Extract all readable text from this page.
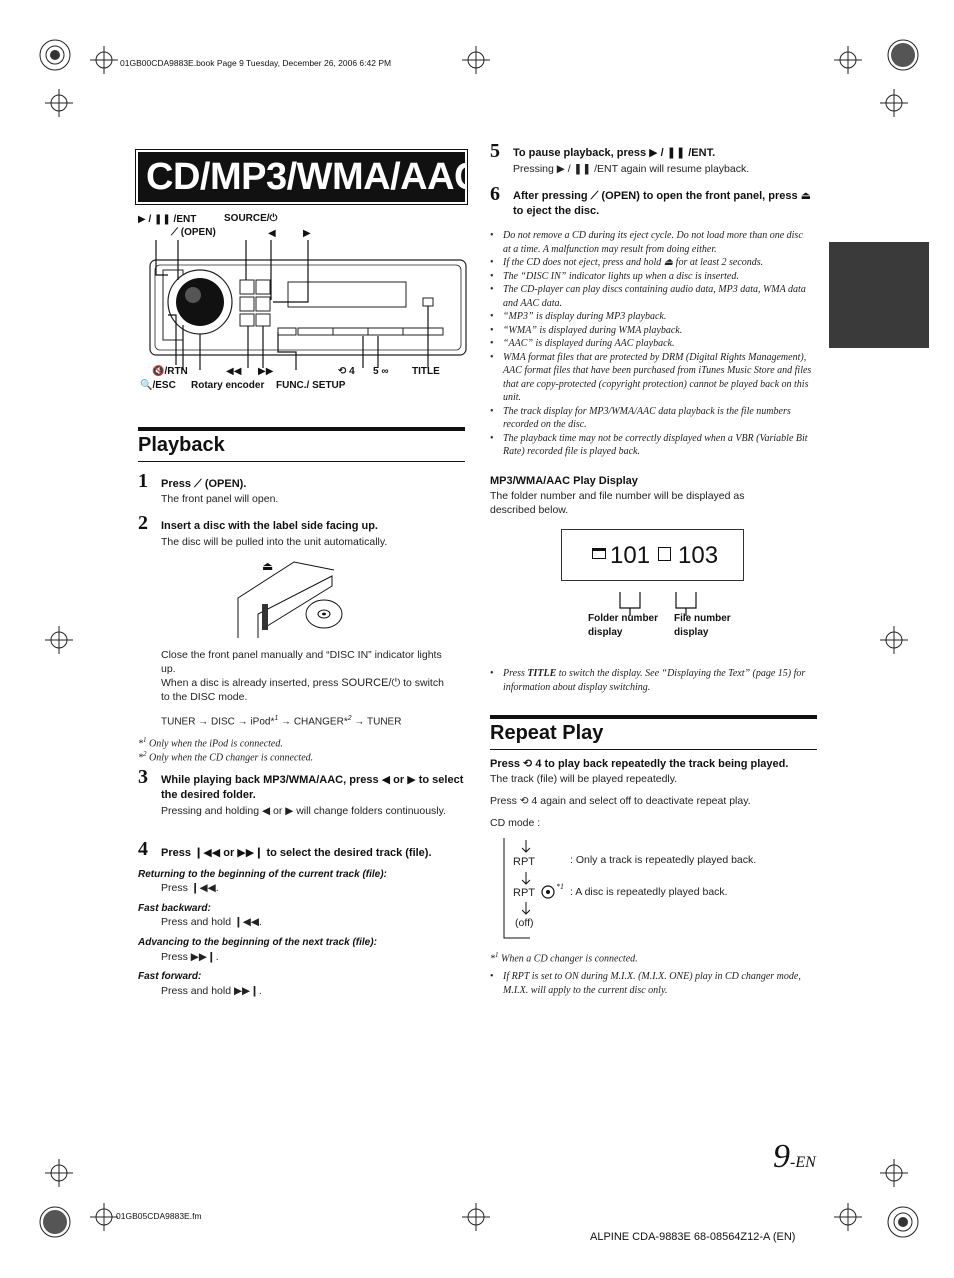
01GB00CDA9883E.book Page 9 Tuesday, December 26, 2006 6:42 PM
CD/MP3/WMA/AAC
▶ / ❚❚ /ENT	SOURCE/⏻
⟋ (OPEN)	◀	▶
🔇/RTN	◀◀ ▶▶	⟲ 4 5 ∞ TITLE
🔍/ESC Rotary encoder FUNC./ SETUP
Playback
1 Press ⟋ (OPEN).
The front panel will open.
2 Insert a disc with the label side facing up.
The disc will be pulled into the unit automatically.
⏏
Close the front panel manually and “DISC IN” indicator lights up.
When a disc is already inserted, press SOURCE/⏻ to switch to the DISC mode.
TUNER → DISC → iPod*$^1$ → CHANGER*$^2$ → TUNER
*$^1$ Only when the iPod is connected.
*$^2$ Only when the CD changer is connected.
3 While playing back MP3/WMA/AAC, press ◀ or ▶ to select the desired folder.
Pressing and holding ◀ or ▶ will change folders continuously.
4 Press ❙◀◀ or ▶▶❙ to select the desired track (file).
Returning to the beginning of the current track (file):
Press ❙◀◀.
Fast backward:
Press and hold ❙◀◀.
Advancing to the beginning of the next track (file):
Press ▶▶❙.
Fast forward:
Press and hold ▶▶❙.
5 To pause playback, press ▶ / ❚❚ /ENT.
Pressing ▶ / ❚❚ /ENT again will resume playback.
6 After pressing ⟋ (OPEN) to open the front panel, press ⏏ to eject the disc.
• Do not remove a CD during its eject cycle. Do not load more than one disc at a time. A malfunction may result from doing either.
• If the CD does not eject, press and hold ⏏ for at least 2 seconds.
• The “DISC IN” indicator lights up when a disc is inserted.
• The CD-player can play discs containing audio data, MP3 data, WMA data and AAC data.
• “MP3” is display during MP3 playback.
• “WMA” is displayed during WMA playback.
• “AAC” is displayed during AAC playback.
• WMA format files that are protected by DRM (Digital Rights Management), AAC format files that have been purchased from iTunes Music Store and files that are copy-protected (copyright protection) cannot be played back on this unit.
• The track display for MP3/WMA/AAC data playback is the file numbers recorded on the disc.
• The playback time may not be correctly displayed when a VBR (Variable Bit Rate) recorded file is played back.
MP3/WMA/AAC Play Display
The folder number and file number will be displayed as described below.
101 103
Folder number display
File number display
• Press TITLE to switch the display. See “Displaying the Text” (page 15) for information about display switching.
Repeat Play
Press ⟲ 4 to play back repeatedly the track being played.
The track (file) will be played repeatedly.
Press ⟲ 4 again and select off to deactivate repeat play.
CD mode :
RPT	: Only a track is repeatedly played back.
RPT
*1 : A disc is repeatedly played back.
(off)
*$^1$ When a CD changer is connected.
• If RPT is set to ON during M.I.X. (M.I.X. ONE) play in CD changer mode, M.I.X. will apply to the current disc only.
9-EN
01GB05CDA9883E.fm
ALPINE CDA-9883E 68-08564Z12-A (EN)
